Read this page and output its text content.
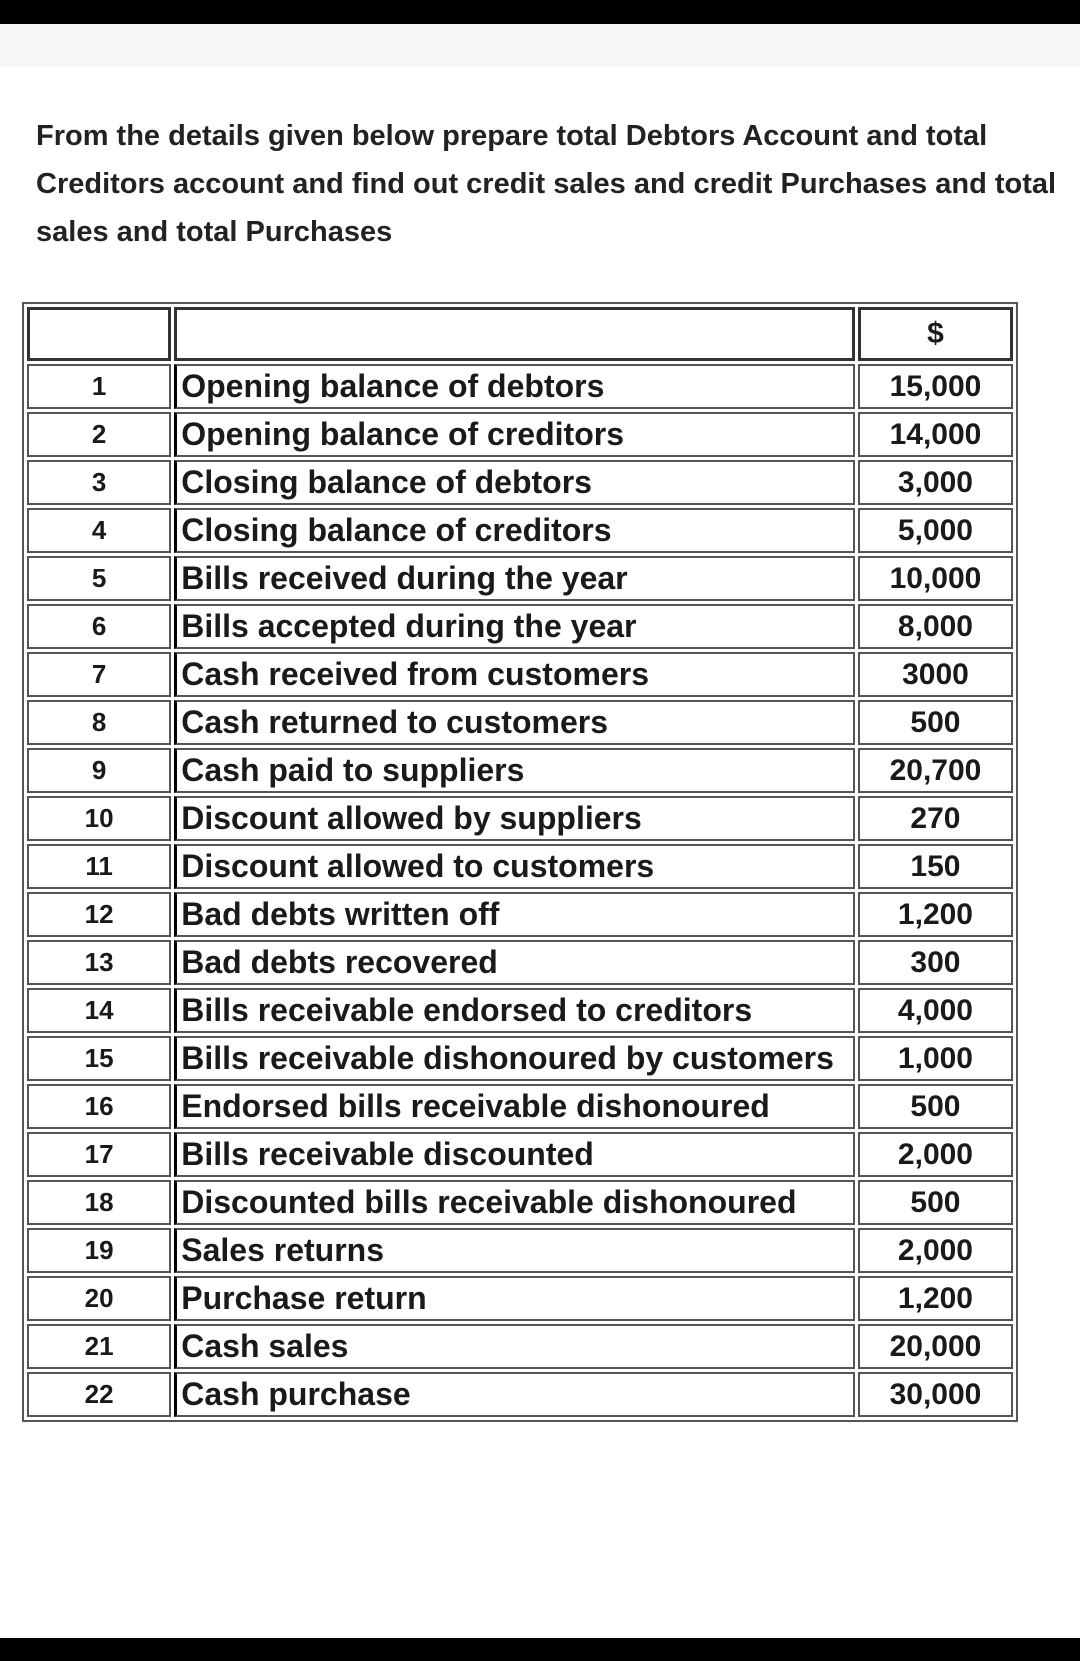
From the details given below prepare total Debtors Account and total Creditors account and find out credit sales and credit Purchases and total sales and total Purchases

		$
1	Opening balance of debtors	15,000
2	Opening balance of creditors	14,000
3	Closing balance of debtors	3,000
4	Closing balance of creditors	5,000
5	Bills received during the year	10,000
6	Bills accepted during the year	8,000
7	Cash received from customers	3000
8	Cash returned to customers	500
9	Cash paid to suppliers	20,700
10	Discount allowed by suppliers	270
11	Discount allowed to customers	150
12	Bad debts written off	1,200
13	Bad debts recovered	300
14	Bills receivable endorsed to creditors	4,000
15	Bills receivable dishonoured by customers	1,000
16	Endorsed bills receivable dishonoured	500
17	Bills receivable discounted	2,000
18	Discounted bills receivable dishonoured	500
19	Sales returns	2,000
20	Purchase return	1,200
21	Cash sales	20,000
22	Cash purchase	30,000
